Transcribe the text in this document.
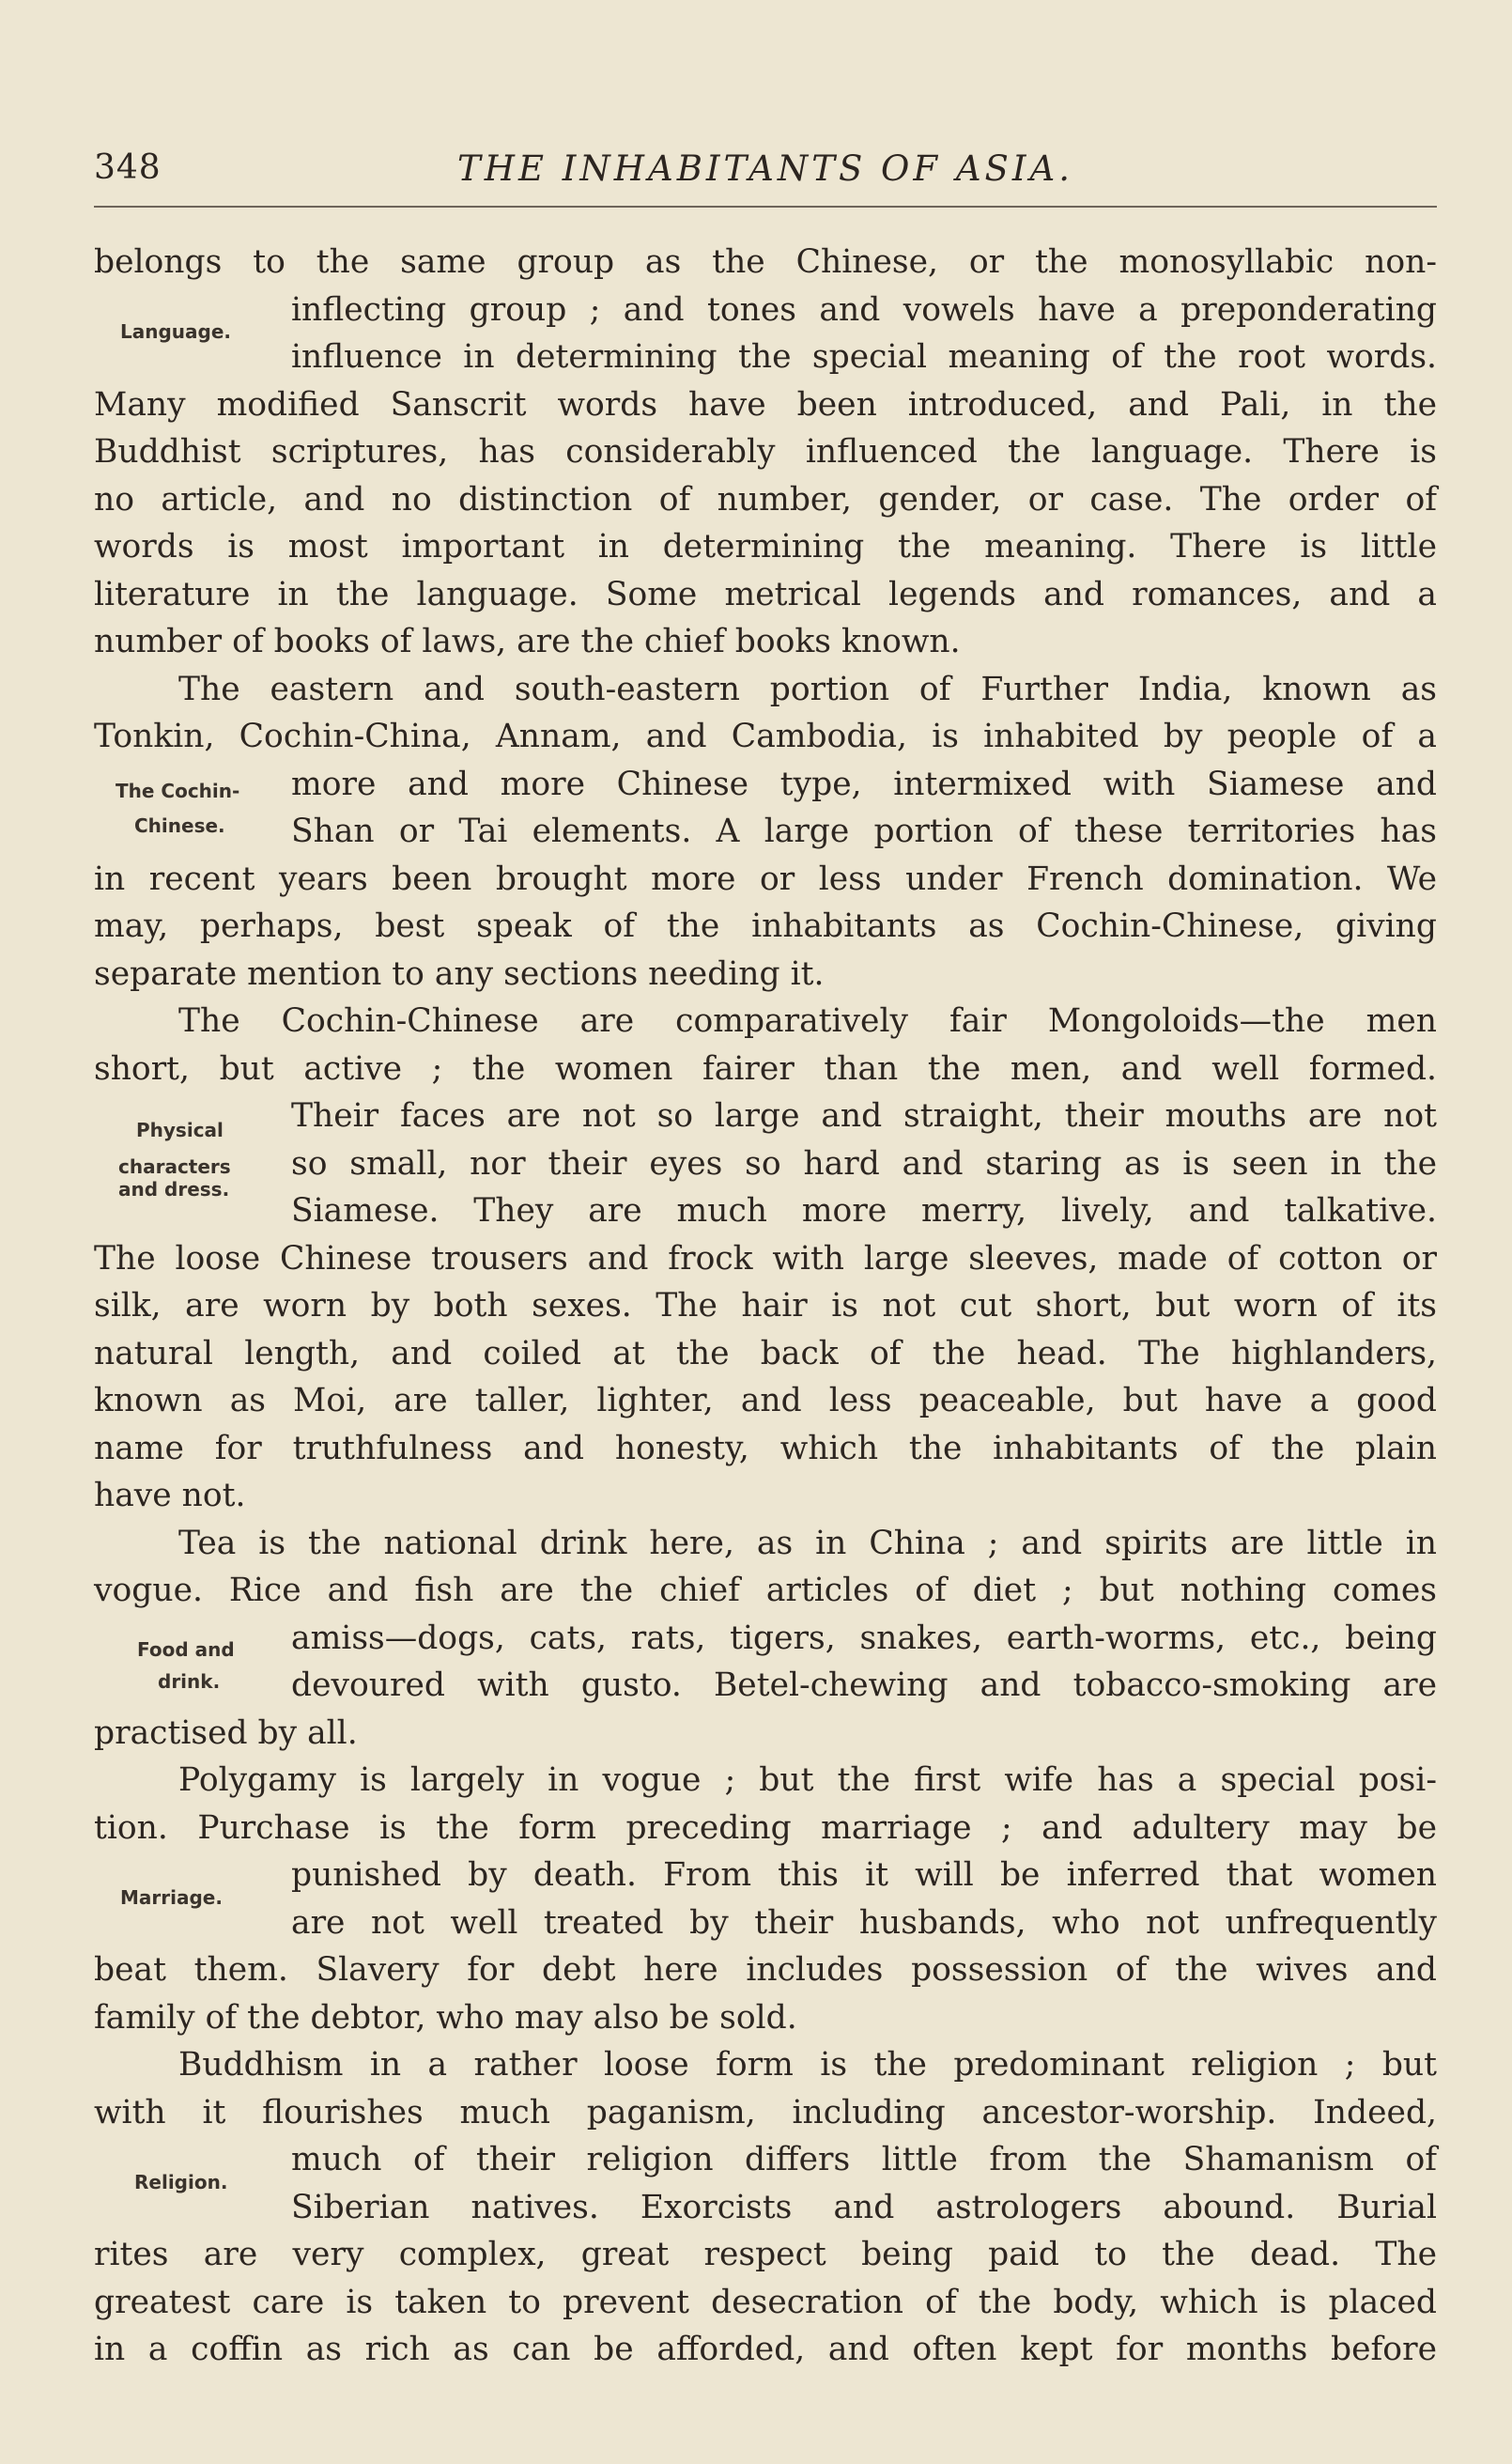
348	THE INHABITANTS OF ASIA.
belongs to the same group as the Chinese, or the monosyllabic non-
inflecting group ; and tones and vowels have a preponderating
influence in determining the special meaning of the root words.
Many modified Sanscrit words have been introduced, and Pali, in the
Buddhist scriptures, has considerably influenced the language. There is
no article, and no distinction of number, gender, or case. The order of
words is most important in determining the meaning. There is little
literature in the language. Some metrical legends and romances, and a
number of books of laws, are the chief books known.
The eastern and south-eastern portion of Further India, known as
Tonkin, Cochin-China, Annam, and Cambodia, is inhabited by people of a
more and more Chinese type, intermixed with Siamese and
Shan or Tai elements. A large portion of these territories has
in recent years been brought more or less under French domination. We
may, perhaps, best speak of the inhabitants as Cochin-Chinese, giving
separate mention to any sections needing it.
The Cochin-Chinese are comparatively fair Mongoloids—the men
short, but active ; the women fairer than the men, and well formed.
Their faces are not so large and straight, their mouths are not
so small, nor their eyes so hard and staring as is seen in the
Siamese. They are much more merry, lively, and talkative.
The loose Chinese trousers and frock with large sleeves, made of cotton or
silk, are worn by both sexes. The hair is not cut short, but worn of its
natural length, and coiled at the back of the head. The highlanders,
known as Moi, are taller, lighter, and less peaceable, but have a good
name for truthfulness and honesty, which the inhabitants of the plain
have not.
Tea is the national drink here, as in China ; and spirits are little in
vogue. Rice and fish are the chief articles of diet ; but nothing comes
amiss—dogs, cats, rats, tigers, snakes, earth-worms, etc., being
devoured with gusto. Betel-chewing and tobacco-smoking are
practised by all.
Polygamy is largely in vogue ; but the first wife has a special posi-
tion. Purchase is the form preceding marriage ; and adultery may be
punished by death. From this it will be inferred that women
are not well treated by their husbands, who not unfrequently
beat them. Slavery for debt here includes possession of the wives and
family of the debtor, who may also be sold.
Buddhism in a rather loose form is the predominant religion ; but
with it flourishes much paganism, including ancestor-worship. Indeed,
much of their religion differs little from the Shamanism of
Siberian natives. Exorcists and astrologers abound. Burial
rites are very complex, great respect being paid to the dead. The
greatest care is taken to prevent desecration of the body, which is placed
in a coffin as rich as can be afforded, and often kept for months before
Language.
The Cochin-
Chinese.
Physical
characters
and dress.
Food and
drink.
Marriage.
Religion.
